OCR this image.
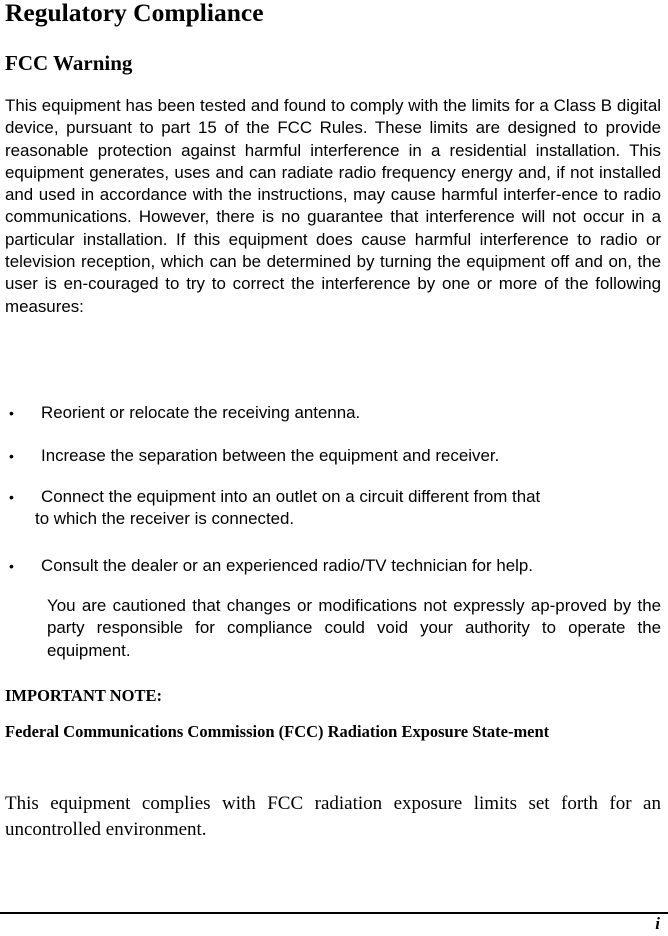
Regulatory Compliance
FCC Warning

This equipment has been tested and found to comply with the limits for a Class B digital device, pursuant to part 15 of the FCC Rules. These limits are designed to provide reasonable protection against harmful interference in a residential installation. This equipment generates, uses and can radiate radio frequency energy and, if not installed and used in accordance with the instructions, may cause harmful interfer-ence to radio communications. However, there is no guarantee that interference will not occur in a particular installation. If this equipment does cause harmful interference to radio or television reception, which can be determined by turning the equipment off and on, the user is en-couraged to try to correct the interference by one or more of the following measures:

• Reorient or relocate the receiving antenna.
• Increase the separation between the equipment and receiver.
•	Connect the equipment into an outlet on a circuit different from that
to which the receiver is connected.
• Consult the dealer or an experienced radio/TV technician for help.

You are cautioned that changes or modifications not expressly ap-proved by the party responsible for compliance could void your authority to operate the equipment.

IMPORTANT NOTE:

Federal Communications Commission (FCC) Radiation Exposure State-ment

This equipment complies with FCC radiation exposure limits set forth for an uncontrolled environment.

i
